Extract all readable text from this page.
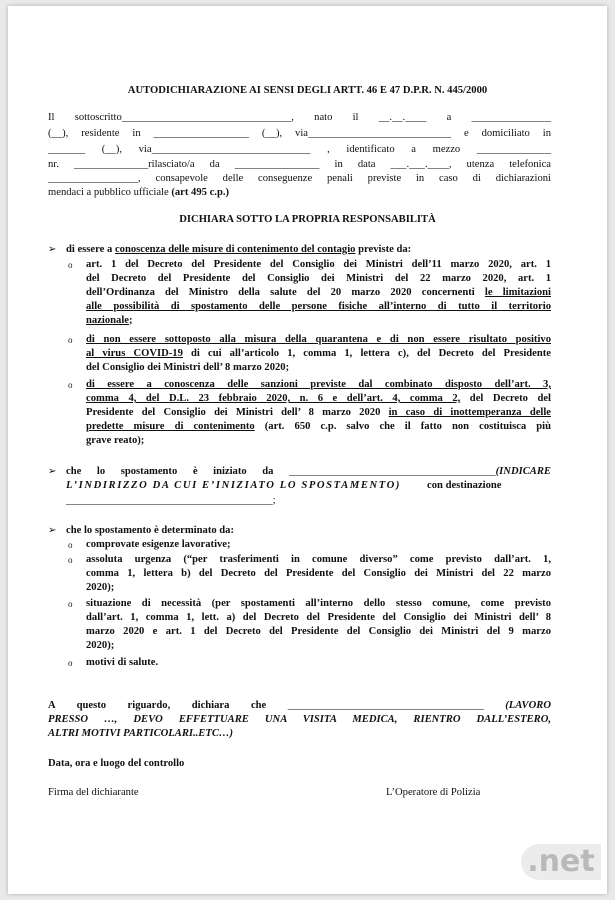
AUTODICHIARAZIONE AI SENSI DEGLI ARTT. 46 E 47 D.P.R. N. 445/2000
Il sottoscritto________________________________, nato il __.__.____ a _______________
(__), residente in __________________ (__), via___________________________ e domiciliato in
_______ (__), via______________________________ , identificato a mezzo ______________
nr. ______________rilasciato/a da ________________ in data ___.___.____, utenza telefonica
_________________, consapevole delle conseguenze penali previste in caso di dichiarazioni
mendaci a pubblico ufficiale (art 495 c.p.)
DICHIARA SOTTO LA PROPRIA RESPONSABILITÀ
➢ di essere a conoscenza delle misure di contenimento del contagio previste da:
o art. 1 del Decreto del Presidente del Consiglio dei Ministri dell’11 marzo 2020, art. 1
del Decreto del Presidente del Consiglio dei Ministri del 22 marzo 2020, art. 1
dell’Ordinanza del Ministro della salute del 20 marzo 2020 concernenti le limitazioni
alle possibilità di spostamento delle persone fisiche all’interno di tutto il territorio
nazionale;
o di non essere sottoposto alla misura della quarantena e di non essere risultato positivo
al virus COVID-19 di cui all’articolo 1, comma 1, lettera c), del Decreto del Presidente
del Consiglio dei Ministri dell’ 8 marzo 2020;
o di essere a conoscenza delle sanzioni previste dal combinato disposto dell’art. 3,
comma 4, del D.L. 23 febbraio 2020, n. 6 e dell’art. 4, comma 2, del Decreto del
Presidente del Consiglio dei Ministri dell’ 8 marzo 2020 in caso di inottemperanza delle
predette misure di contenimento (art. 650 c.p. salvo che il fatto non costituisca più
grave reato);
➢ che lo spostamento è iniziato da _______________________________________(INDICARE
L’INDIRIZZO DA CUI E’INIZIATO LO SPOSTAMENTO) con destinazione
_______________________________________;
➢ che lo spostamento è determinato da:
o comprovate esigenze lavorative;
o assoluta urgenza (“per trasferimenti in comune diverso” come previsto dall’art. 1,
comma 1, lettera b) del Decreto del Presidente del Consiglio dei Ministri del 22 marzo
2020);
o situazione di necessità (per spostamenti all’interno dello stesso comune, come previsto
dall’art. 1, comma 1, lett. a) del Decreto del Presidente del Consiglio dei Ministri dell’ 8
marzo 2020 e art. 1 del Decreto del Presidente del Consiglio dei Ministri del 9 marzo
2020);
o motivi di salute.
A questo riguardo, dichiara che _____________________________________ (LAVORO
PRESSO …, DEVO EFFETTUARE UNA VISITA MEDICA, RIENTRO DALL’ESTERO,
ALTRI MOTIVI PARTICOLARI..ETC…)
Data, ora e luogo del controllo
Firma del dichiarante	L’Operatore di Polizia
.net
